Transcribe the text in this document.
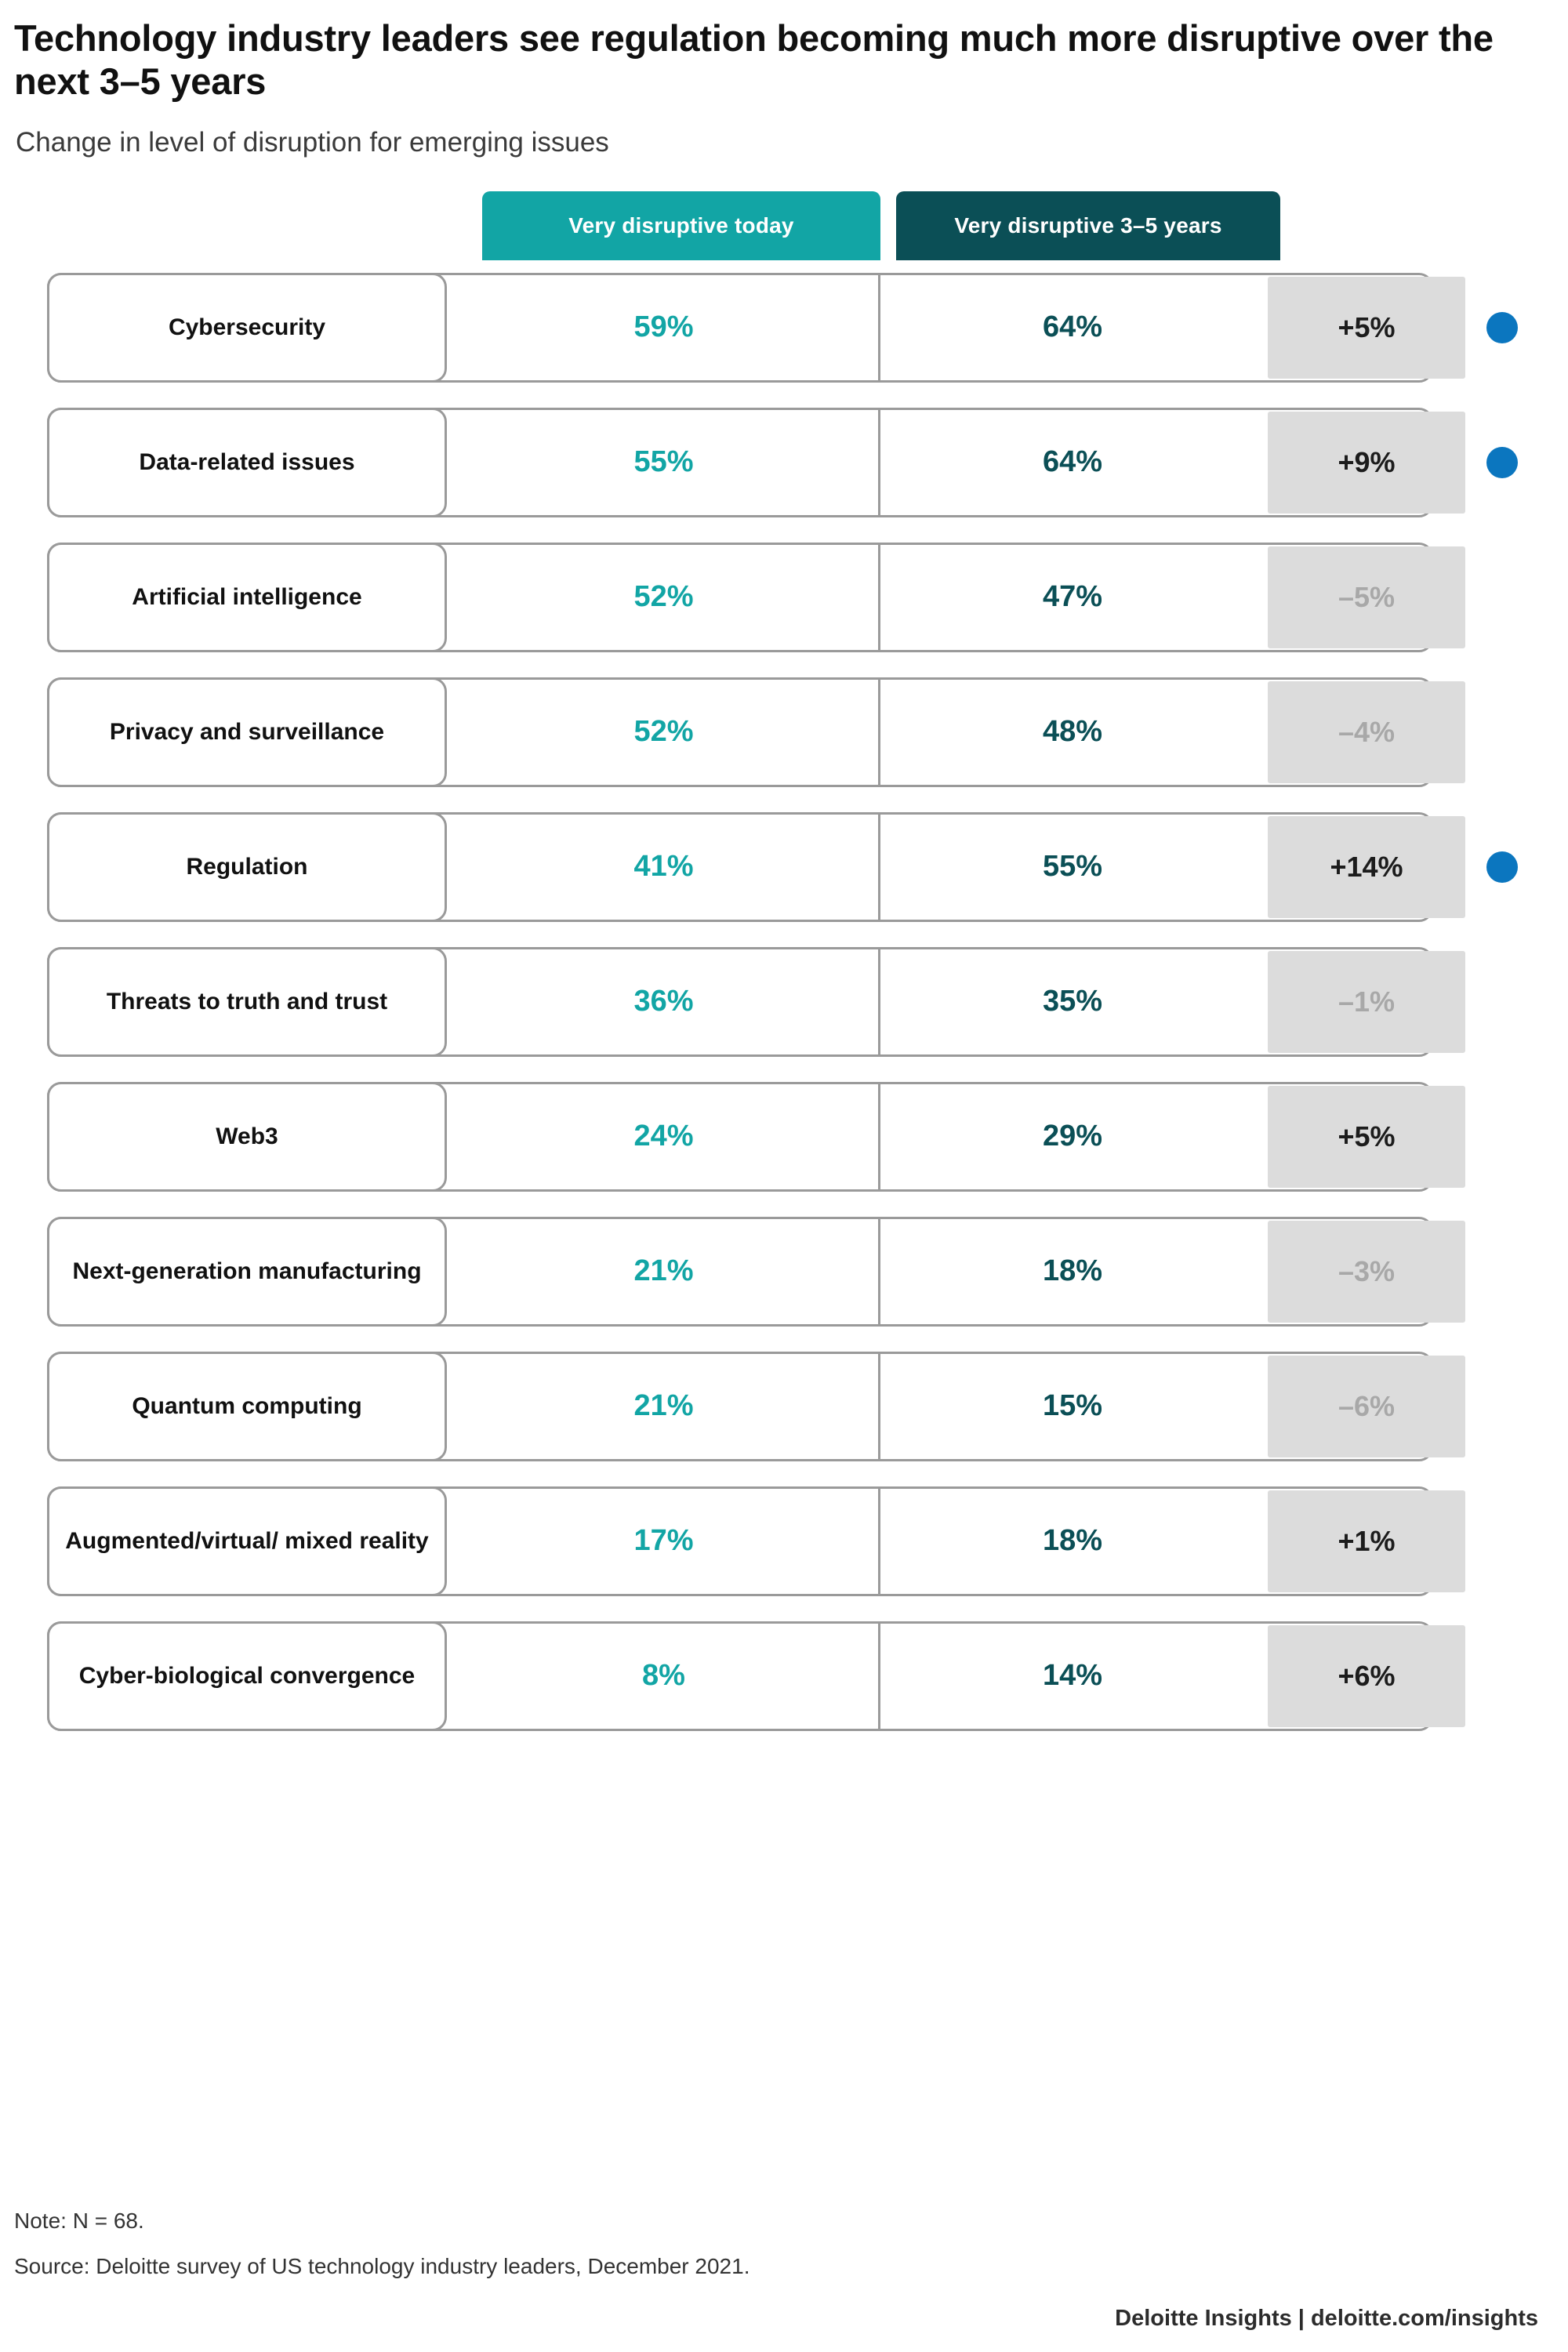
Technology industry leaders see regulation becoming much more disruptive over the next 3–5 years
Change in level of disruption for emerging issues
Very disruptive today	Very disruptive 3–5 years
Cybersecurity	59%	64%	+5%
Data-related issues	55%	64%	+9%
Artificial intelligence	52%	47%	–5%
Privacy and surveillance	52%	48%	–4%
Regulation	41%	55%	+14%
Threats to truth and trust	36%	35%	–1%
Web3	24%	29%	+5%
Next-generation manufacturing	21%	18%	–3%
Quantum computing	21%	15%	–6%
Augmented/virtual/ mixed reality	17%	18%	+1%
Cyber-biological convergence	8%	14%	+6%
Note: N = 68.
Source: Deloitte survey of US technology industry leaders, December 2021.
Deloitte Insights | deloitte.com/insights
